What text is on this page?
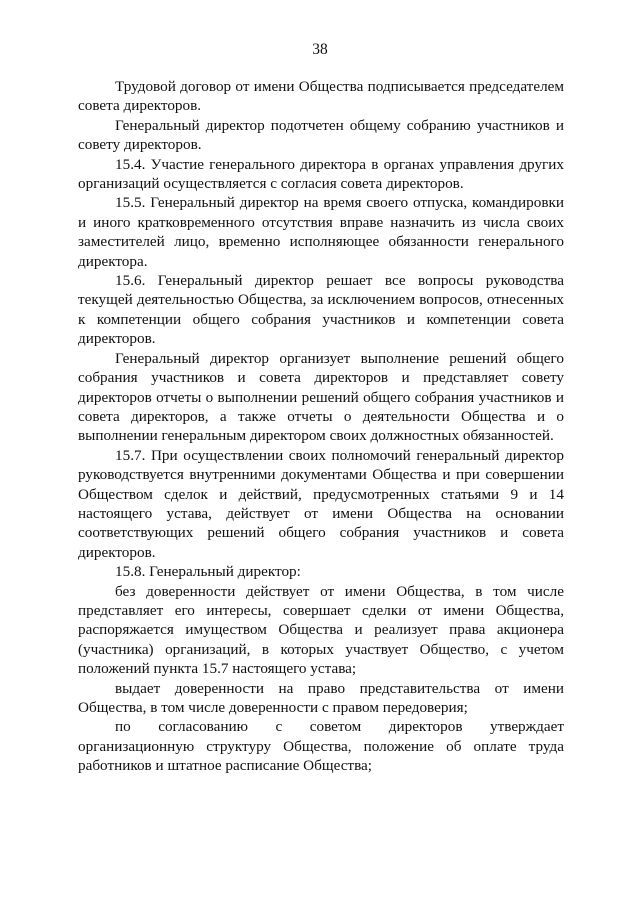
38

Трудовой договор от имени Общества подписывается председателем совета директоров.

Генеральный директор подотчетен общему собранию участников и совету директоров.

15.4. Участие генерального директора в органах управления других организаций осуществляется с согласия совета директоров.

15.5. Генеральный директор на время своего отпуска, командировки и иного кратковременного отсутствия вправе назначить из числа своих заместителей лицо, временно исполняющее обязанности генерального директора.

15.6. Генеральный директор решает все вопросы руководства текущей деятельностью Общества, за исключением вопросов, отнесенных к компетенции общего собрания участников и компетенции совета директоров.

Генеральный директор организует выполнение решений общего собрания участников и совета директоров и представляет совету директоров отчеты о выполнении решений общего собрания участников и совета директоров, а также отчеты о деятельности Общества и о выполнении генеральным директором своих должностных обязанностей.

15.7. При осуществлении своих полномочий генеральный директор руководствуется внутренними документами Общества и при совершении Обществом сделок и действий, предусмотренных статьями 9 и 14 настоящего устава, действует от имени Общества на основании соответствующих решений общего собрания участников и совета директоров.

15.8. Генеральный директор:

без доверенности действует от имени Общества, в том числе представляет его интересы, совершает сделки от имени Общества, распоряжается имуществом Общества и реализует права акционера (участника) организаций, в которых участвует Общество, с учетом положений пункта 15.7 настоящего устава;

выдает доверенности на право представительства от имени Общества, в том числе доверенности с правом передоверия;

по согласованию с советом директоров утверждает организационную структуру Общества, положение об оплате труда работников и штатное расписание Общества;
